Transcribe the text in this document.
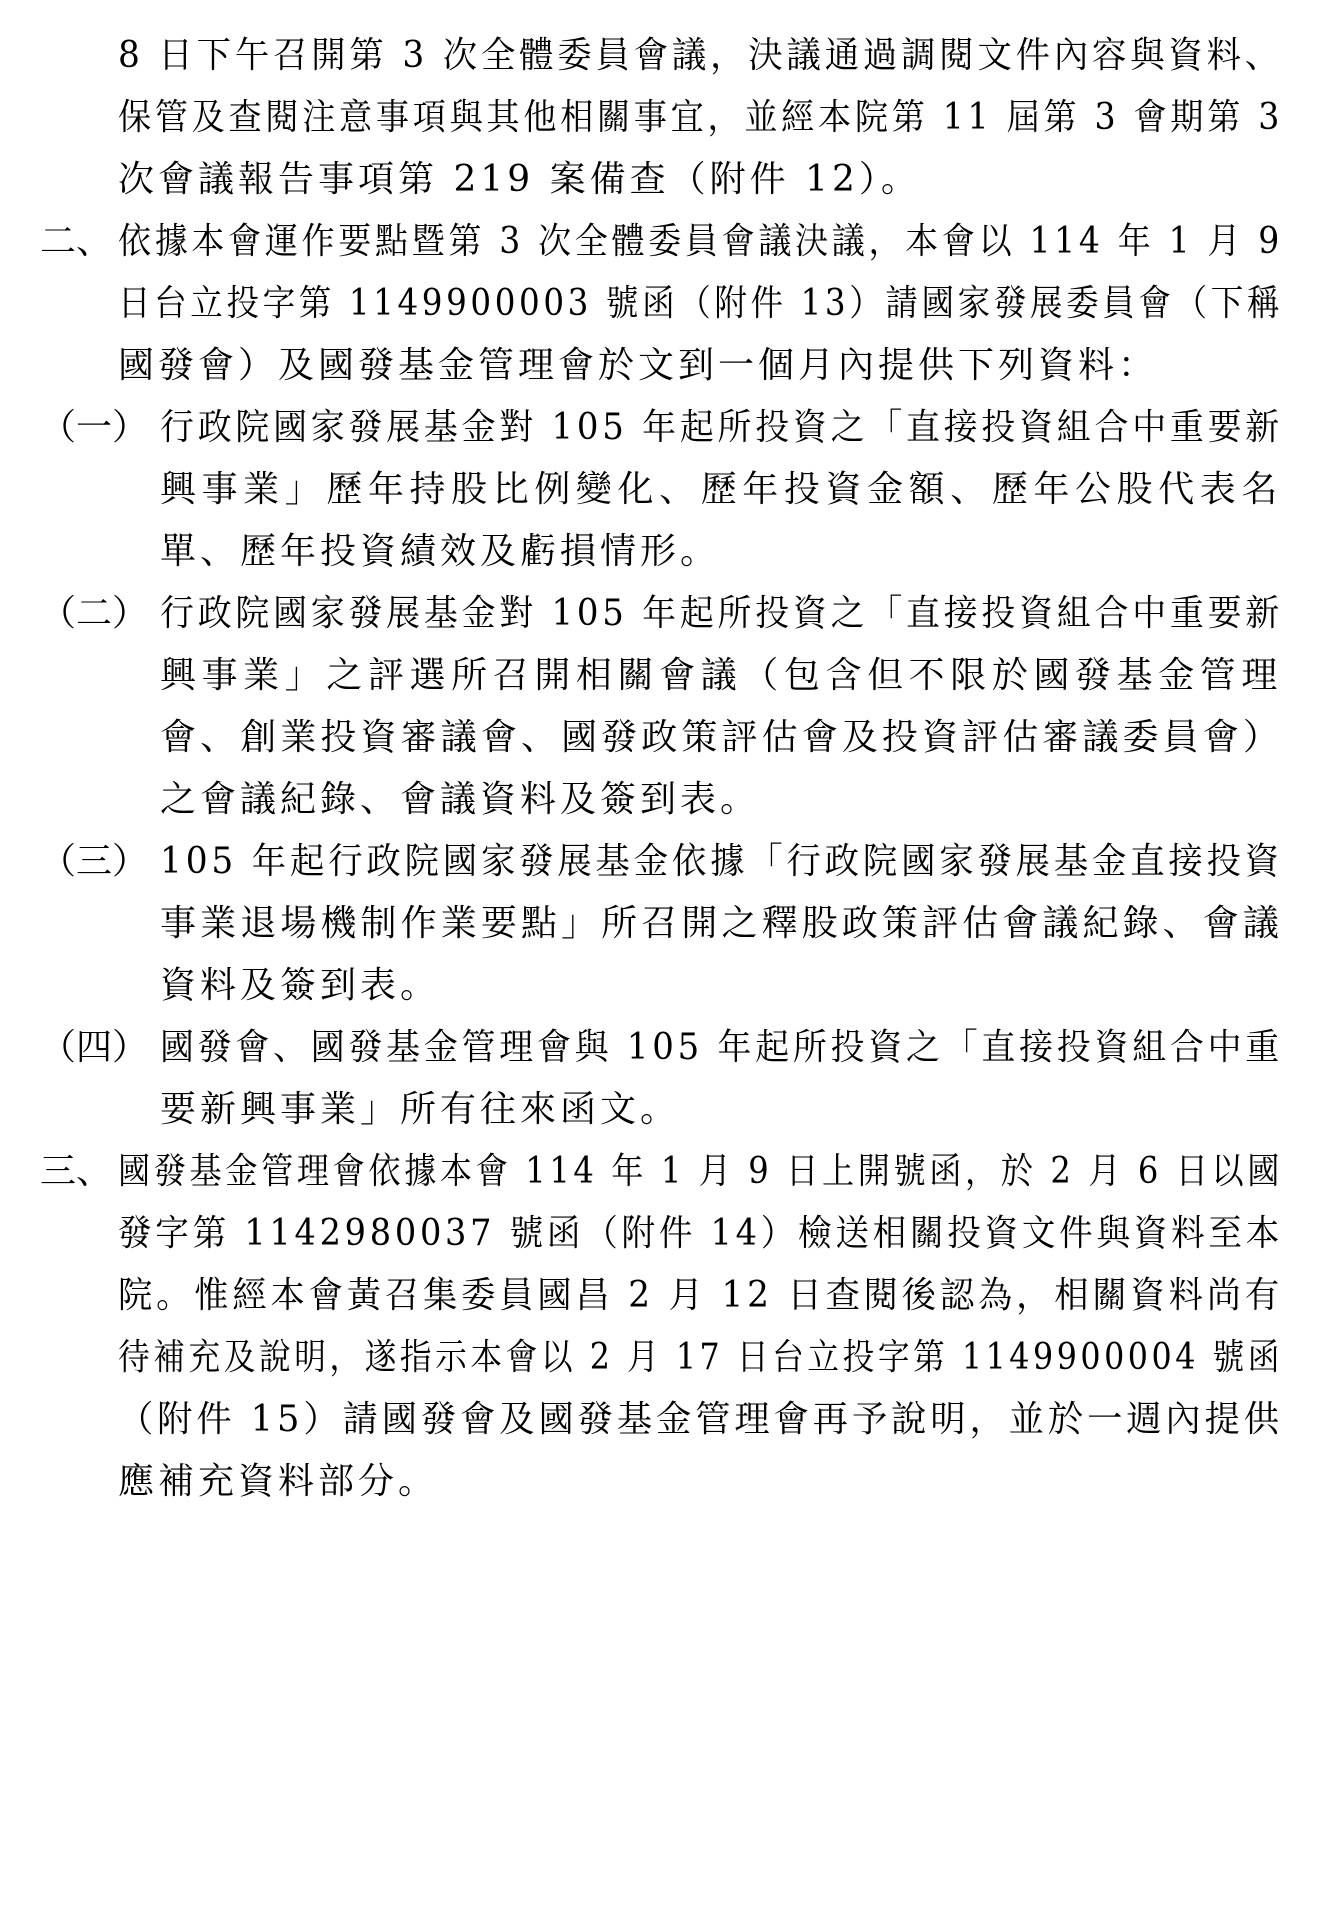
8 日下午召開第 3 次全體委員會議，決議通過調閱文件內容與資料、
保管及查閱注意事項與其他相關事宜，並經本院第 11 屆第 3 會期第 3
次會議報告事項第 219 案備查（附件 12）。
二、 依據本會運作要點暨第 3 次全體委員會議決議，本會以 114 年 1 月 9
日台立投字第 1149900003 號函（附件 13）請國家發展委員會（下稱
國發會）及國發基金管理會於文到一個月內提供下列資料：
（一） 行政院國家發展基金對 105 年起所投資之「直接投資組合中重要新
興事業」歷年持股比例變化、歷年投資金額、歷年公股代表名
單、歷年投資績效及虧損情形。
（二） 行政院國家發展基金對 105 年起所投資之「直接投資組合中重要新
興事業」之評選所召開相關會議（包含但不限於國發基金管理
會、創業投資審議會、國發政策評估會及投資評估審議委員會）
之會議紀錄、會議資料及簽到表。
（三） 105 年起行政院國家發展基金依據「行政院國家發展基金直接投資
事業退場機制作業要點」所召開之釋股政策評估會議紀錄、會議
資料及簽到表。
（四） 國發會、國發基金管理會與 105 年起所投資之「直接投資組合中重
要新興事業」所有往來函文。
三、 國發基金管理會依據本會 114 年 1 月 9 日上開號函，於 2 月 6 日以國
發字第 1142980037 號函（附件 14）檢送相關投資文件與資料至本
院。惟經本會黃召集委員國昌 2 月 12 日查閱後認為，相關資料尚有
待補充及說明，遂指示本會以 2 月 17 日台立投字第 1149900004 號函
（附件 15）請國發會及國發基金管理會再予說明，並於一週內提供
應補充資料部分。
